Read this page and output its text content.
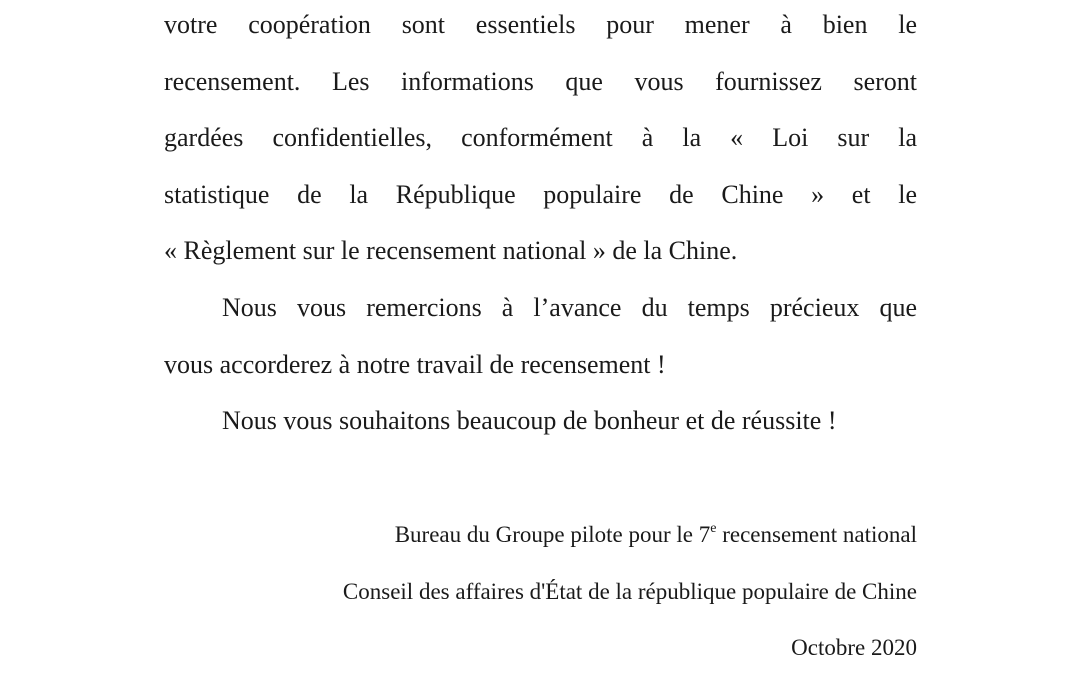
votre coopération sont essentiels pour mener à bien le
recensement. Les informations que vous fournissez seront
gardées confidentielles, conformément à la « Loi sur la
statistique de la République populaire de Chine » et le
« Règlement sur le recensement national » de la Chine.
Nous vous remercions à l’avance du temps précieux que
vous accorderez à notre travail de recensement !
Nous vous souhaitons beaucoup de bonheur et de réussite !
Bureau du Groupe pilote pour le 7e recensement national
Conseil des affaires d'État de la république populaire de Chine
Octobre 2020
